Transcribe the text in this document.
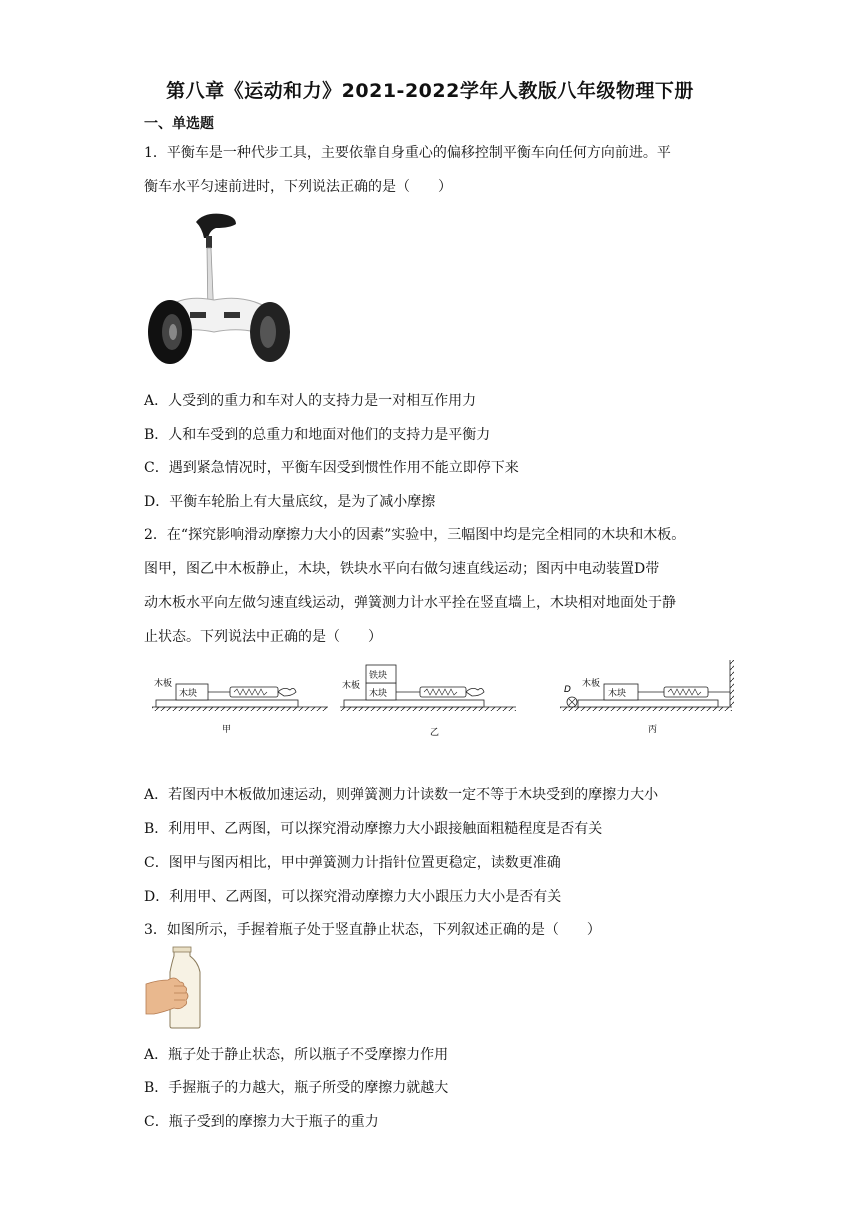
第八章《运动和力》2021-2022学年人教版八年级物理下册
一、单选题
1．平衡车是一种代步工具，主要依靠自身重心的偏移控制平衡车向任何方向前进。平
衡车水平匀速前进时，下列说法正确的是（　　）
A．人受到的重力和车对人的支持力是一对相互作用力
B．人和车受到的总重力和地面对他们的支持力是平衡力
C．遇到紧急情况时，平衡车因受到惯性作用不能立即停下来
D．平衡车轮胎上有大量底纹，是为了减小摩擦
2．在“探究影响滑动摩擦力大小的因素”实验中，三幅图中均是完全相同的木块和木板。
图甲，图乙中木板静止，木块，铁块水平向右做匀速直线运动；图丙中电动装置D带
动木板水平向左做匀速直线运动，弹簧测力计水平拴在竖直墙上，木块相对地面处于静
止状态。下列说法中正确的是（　　）
木板
木块
甲
木板
铁块
木块
乙
D
木板
木块
丙
A．若图丙中木板做加速运动，则弹簧测力计读数一定不等于木块受到的摩擦力大小
B．利用甲、乙两图，可以探究滑动摩擦力大小跟接触面粗糙程度是否有关
C．图甲与图丙相比，甲中弹簧测力计指针位置更稳定，读数更准确
D．利用甲、乙两图，可以探究滑动摩擦力大小跟压力大小是否有关
3．如图所示，手握着瓶子处于竖直静止状态，下列叙述正确的是（　　）
A．瓶子处于静止状态，所以瓶子不受摩擦力作用
B．手握瓶子的力越大，瓶子所受的摩擦力就越大
C．瓶子受到的摩擦力大于瓶子的重力
